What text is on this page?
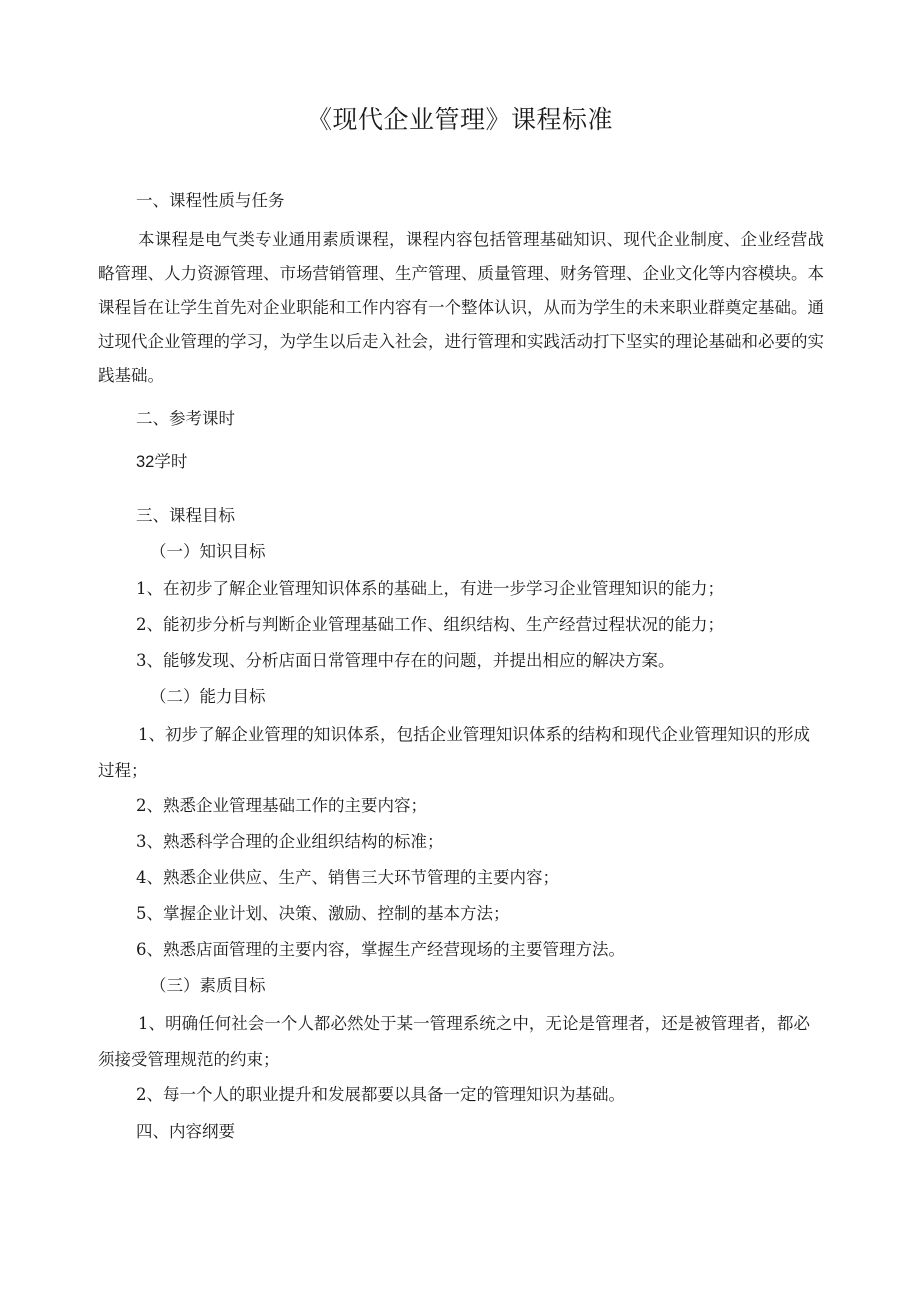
《现代企业管理》课程标准
一、课程性质与任务
本课程是电气类专业通用素质课程，课程内容包括管理基础知识、现代企业制度、企业经营战略管理、人力资源管理、市场营销管理、生产管理、质量管理、财务管理、企业文化等内容模块。本课程旨在让学生首先对企业职能和工作内容有一个整体认识，从而为学生的未来职业群奠定基础。通过现代企业管理的学习，为学生以后走入社会，进行管理和实践活动打下坚实的理论基础和必要的实践基础。
二、参考课时
32学时
三、课程目标
（一）知识目标
1、在初步了解企业管理知识体系的基础上，有进一步学习企业管理知识的能力；
2、能初步分析与判断企业管理基础工作、组织结构、生产经营过程状况的能力；
3、能够发现、分析店面日常管理中存在的问题，并提出相应的解决方案。
（二）能力目标
1、初步了解企业管理的知识体系，包括企业管理知识体系的结构和现代企业管理知识的形成过程；
2、熟悉企业管理基础工作的主要内容；
3、熟悉科学合理的企业组织结构的标准；
4、熟悉企业供应、生产、销售三大环节管理的主要内容；
5、掌握企业计划、决策、激励、控制的基本方法；
6、熟悉店面管理的主要内容，掌握生产经营现场的主要管理方法。
（三）素质目标
1、明确任何社会一个人都必然处于某一管理系统之中，无论是管理者，还是被管理者，都必须接受管理规范的约束；
2、每一个人的职业提升和发展都要以具备一定的管理知识为基础。
四、内容纲要
